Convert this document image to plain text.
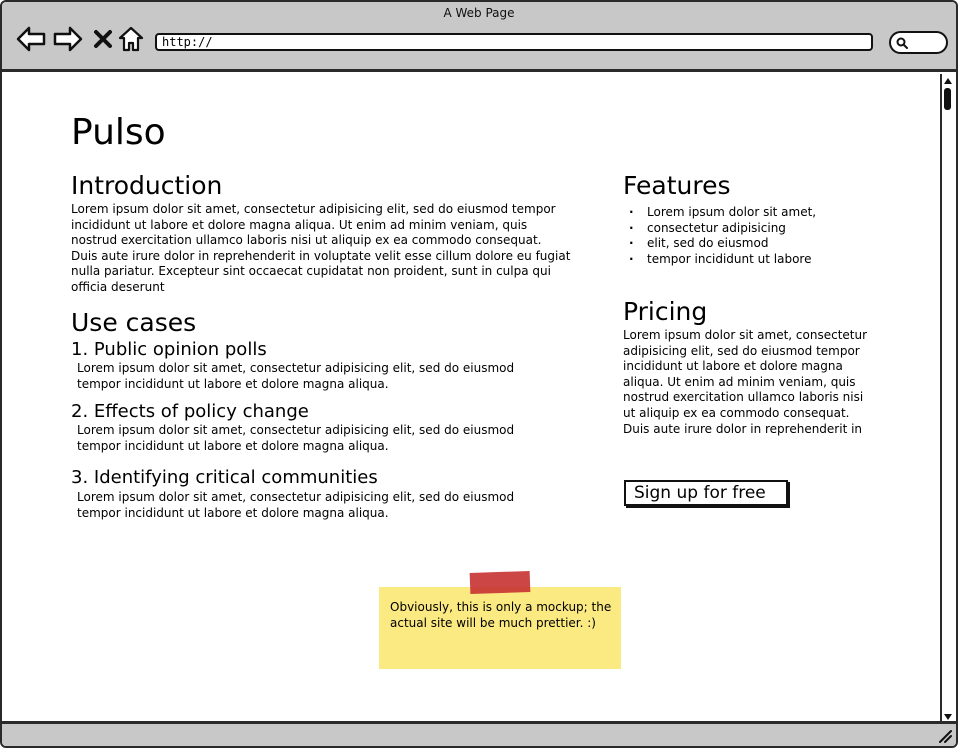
A Web Page
http://
Pulso
Introduction

Lorem ipsum dolor sit amet, consectetur adipisicing elit, sed do eiusmod tempor incididunt ut labore et dolore magna aliqua. Ut enim ad minim veniam, quis nostrud exercitation ullamco laboris nisi ut aliquip ex ea commodo consequat. Duis aute irure dolor in reprehenderit in voluptate velit esse cillum dolore eu fugiat nulla pariatur. Excepteur sint occaecat cupidatat non proident, sunt in culpa qui officia deserunt

Use cases
1. Public opinion polls

Lorem ipsum dolor sit amet, consectetur adipisicing elit, sed do eiusmod tempor incididunt ut labore et dolore magna aliqua.

2. Effects of policy change

Lorem ipsum dolor sit amet, consectetur adipisicing elit, sed do eiusmod tempor incididunt ut labore et dolore magna aliqua.

3. Identifying critical communities

Lorem ipsum dolor sit amet, consectetur adipisicing elit, sed do eiusmod tempor incididunt ut labore et dolore magna aliqua.

Features
· Lorem ipsum dolor sit amet,
· consectetur adipisicing
· elit, sed do eiusmod
· tempor incididunt ut labore
Pricing

Lorem ipsum dolor sit amet, consectetur adipisicing elit, sed do eiusmod tempor incididunt ut labore et dolore magna aliqua. Ut enim ad minim veniam, quis nostrud exercitation ullamco laboris nisi ut aliquip ex ea commodo consequat. Duis aute irure dolor in reprehenderit in

Sign up for free

Obviously, this is only a mockup; the actual site will be much prettier. :)
